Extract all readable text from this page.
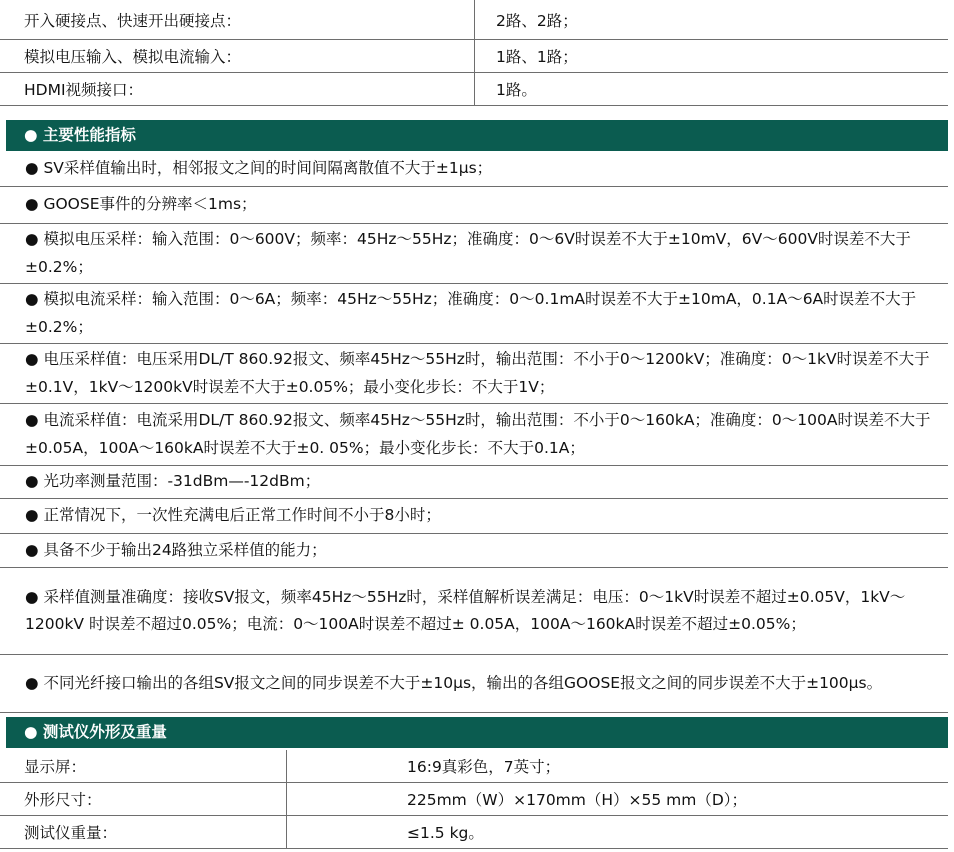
开入硬接点、快速开出硬接点：	2路、2路；
模拟电压输入、模拟电流输入：	1路、1路；
HDMI视频接口：	1路。
● 主要性能指标
● SV采样值输出时，相邻报文之间的时间间隔离散值不大于±1μs；
● GOOSE事件的分辨率＜1ms；
● 模拟电压采样：输入范围：0～600V；频率：45Hz～55Hz；准确度：0～6V时误差不大于±10mV，6V～600V时误差不大于±0.2%；
● 模拟电流采样：输入范围：0～6A；频率：45Hz～55Hz；准确度：0～0.1mA时误差不大于±10mA，0.1A～6A时误差不大于±0.2%；
● 电压采样值：电压采用DL/T 860.92报文、频率45Hz～55Hz时，输出范围：不小于0～1200kV；准确度：0～1kV时误差不大于±0.1V，1kV～1200kV时误差不大于±0.05%；最小变化步长：不大于1V；
● 电流采样值：电流采用DL/T 860.92报文、频率45Hz～55Hz时，输出范围：不小于0～160kA；准确度：0～100A时误差不大于±0.05A，100A～160kA时误差不大于±0. 05%；最小变化步长：不大于0.1A；
● 光功率测量范围：-31dBm—-12dBm；
● 正常情况下，一次性充满电后正常工作时间不小于8小时；
● 具备不少于输出24路独立采样值的能力；
● 采样值测量准确度：接收SV报文，频率45Hz～55Hz时，采样值解析误差满足：电压：0～1kV时误差不超过±0.05V，1kV～1200kV 时误差不超过0.05%；电流：0～100A时误差不超过± 0.05A，100A～160kA时误差不超过±0.05%；
● 不同光纤接口输出的各组SV报文之间的同步误差不大于±10μs，输出的各组GOOSE报文之间的同步误差不大于±100μs。
● 测试仪外形及重量
显示屏：	16:9真彩色，7英寸；
外形尺寸：	225mm（W）×170mm（H）×55 mm（D）；
测试仪重量：	≤1.5 kg。
